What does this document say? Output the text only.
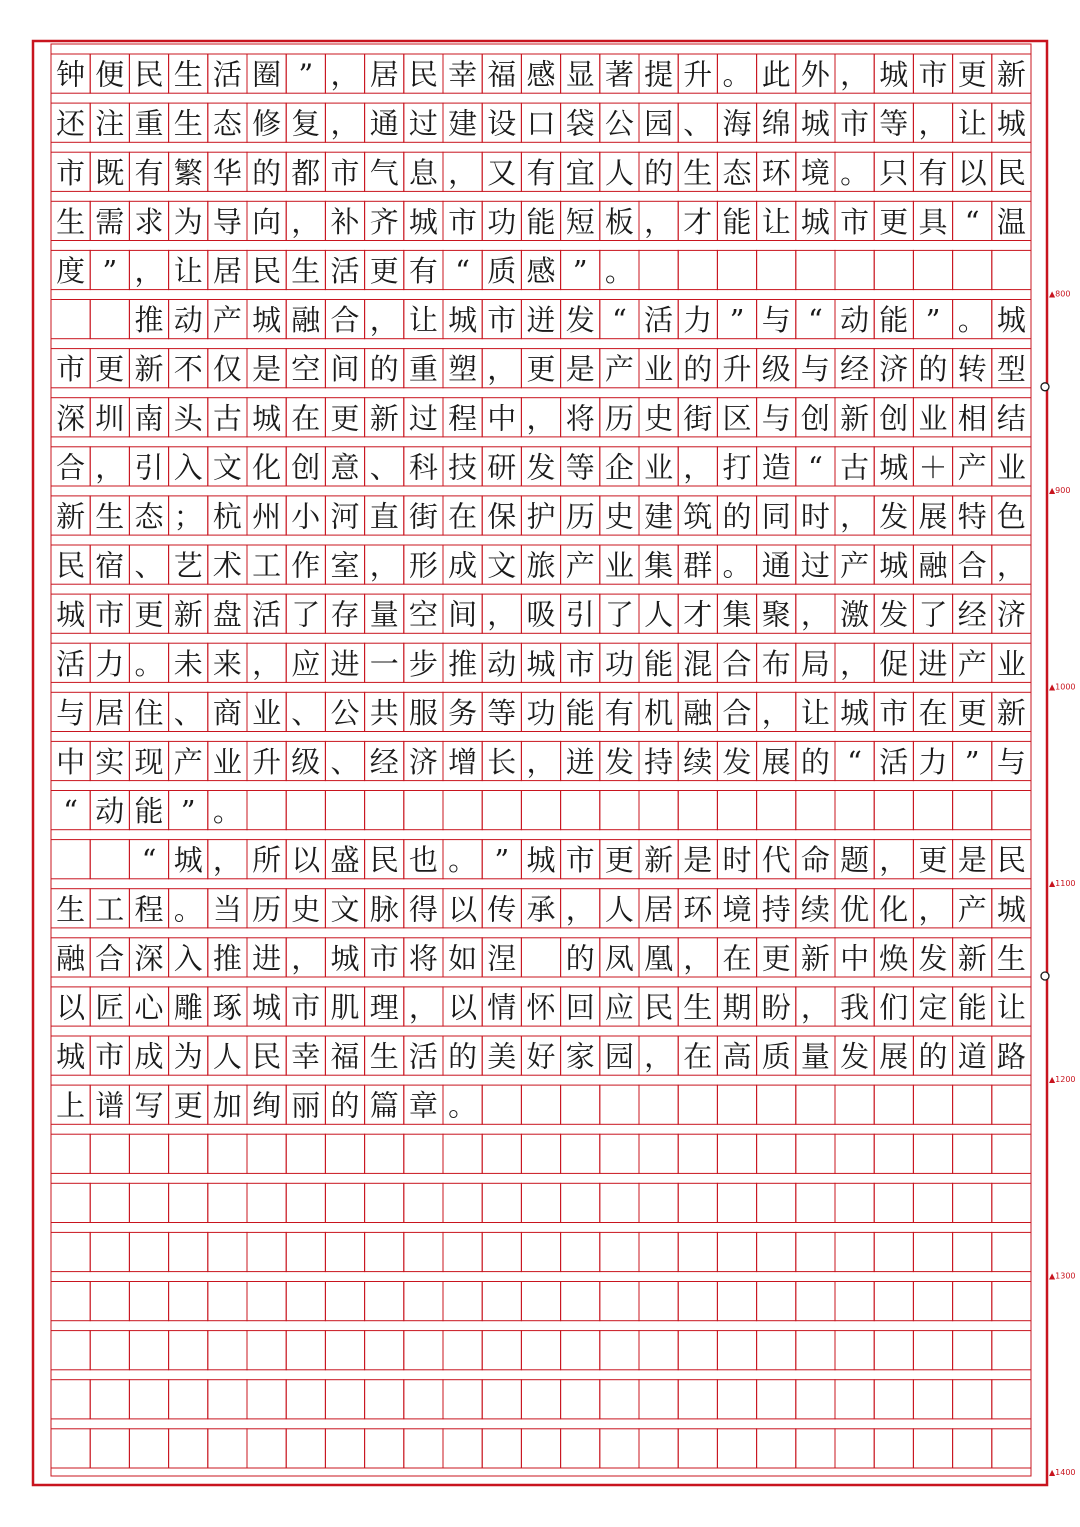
钟 便 民 生 活 圈 ” ， 居 民 幸 福 感 显 著 提 升 。 此 外 ， 城 市 更 新
还 注 重 生 态 修 复 ， 通 过 建 设 口 袋 公 园 、 海 绵 城 市 等 ， 让 城
市 既 有 繁 华 的 都 市 气 息 ， 又 有 宜 人 的 生 态 环 境 。 只 有 以 民
生 需 求 为 导 向 ， 补 齐 城 市 功 能 短 板 ， 才 能 让 城 市 更 具 “ 温
度 ” ， 让 居 民 生 活 更 有 “ 质 感 ” 。
推 动 产 城 融 合 ， 让 城 市 迸 发 “ 活 力 ” 与 “ 动 能 ” 。 城
市 更 新 不 仅 是 空 间 的 重 塑 ， 更 是 产 业 的 升 级 与 经 济 的 转 型
深 圳 南 头 古 城 在 更 新 过 程 中 ， 将 历 史 街 区 与 创 新 创 业 相 结
合 ， 引 入 文 化 创 意 、 科 技 研 发 等 企 业 ， 打 造 “ 古 城 ＋ 产 业
新 生 态 ； 杭 州 小 河 直 街 在 保 护 历 史 建 筑 的 同 时 ， 发 展 特 色
民 宿 、 艺 术 工 作 室 ， 形 成 文 旅 产 业 集 群 。 通 过 产 城 融 合 ，
城 市 更 新 盘 活 了 存 量 空 间 ， 吸 引 了 人 才 集 聚 ， 激 发 了 经 济
活 力 。 未 来 ， 应 进 一 步 推 动 城 市 功 能 混 合 布 局 ， 促 进 产 业
与 居 住 、 商 业 、 公 共 服 务 等 功 能 有 机 融 合 ， 让 城 市 在 更 新
中 实 现 产 业 升 级 、 经 济 增 长 ， 迸 发 持 续 发 展 的 “ 活 力 ” 与
“ 动 能 ” 。
“ 城 ， 所 以 盛 民 也 。 ” 城 市 更 新 是 时 代 命 题 ， 更 是 民
生 工 程 。 当 历 史 文 脉 得 以 传 承 ， 人 居 环 境 持 续 优 化 ， 产 城
融 合 深 入 推 进 ， 城 市 将 如 涅 的 凤 凰 ， 在 更 新 中 焕 发 新 生
以 匠 心 雕 琢 城 市 肌 理 ， 以 情 怀 回 应 民 生 期 盼 ， 我 们 定 能 让
城 市 成 为 人 民 幸 福 生 活 的 美 好 家 园 ， 在 高 质 量 发 展 的 道 路
上 谱 写 更 加 绚 丽 的 篇 章 。
▲800
▲900
▲1000
▲1100
▲1200
▲1300
▲1400
